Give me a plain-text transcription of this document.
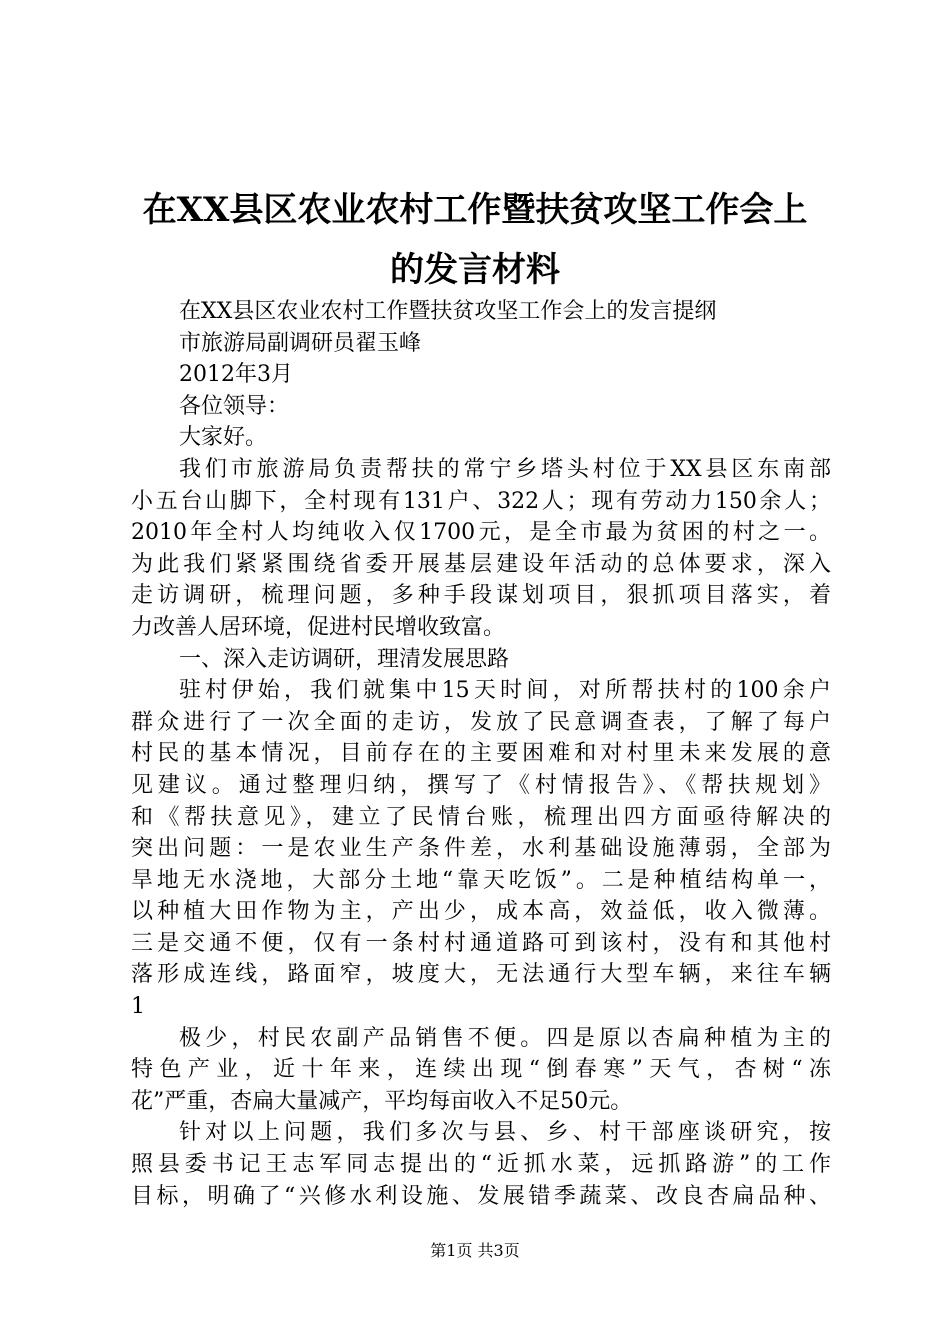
在XX县区农业农村工作暨扶贫攻坚工作会上
的发言材料
在XX县区农业农村工作暨扶贫攻坚工作会上的发言提纲
市旅游局副调研员翟玉峰
2012年3月
各位领导：
大家好。
我们市旅游局负责帮扶的常宁乡塔头村位于XX县区东南部
小五台山脚下，全村现有131户、322人；现有劳动力150余人；
2010年全村人均纯收入仅1700元，是全市最为贫困的村之一。
为此我们紧紧围绕省委开展基层建设年活动的总体要求，深入
走访调研，梳理问题，多种手段谋划项目，狠抓项目落实，着
力改善人居环境，促进村民增收致富。
一、深入走访调研，理清发展思路
驻村伊始，我们就集中15天时间，对所帮扶村的100余户
群众进行了一次全面的走访，发放了民意调查表，了解了每户
村民的基本情况，目前存在的主要困难和对村里未来发展的意
见建议。通过整理归纳，撰写了《村情报告》、《帮扶规划》
和《帮扶意见》，建立了民情台账，梳理出四方面亟待解决的
突出问题：一是农业生产条件差，水利基础设施薄弱，全部为
旱地无水浇地，大部分土地“靠天吃饭”。二是种植结构单一，
以种植大田作物为主，产出少，成本高，效益低，收入微薄。
三是交通不便，仅有一条村村通道路可到该村，没有和其他村
落形成连线，路面窄，坡度大，无法通行大型车辆，来往车辆
1
极少，村民农副产品销售不便。四是原以杏扁种植为主的
特色产业，近十年来，连续出现“倒春寒”天气，杏树“冻
花”严重，杏扁大量减产，平均每亩收入不足50元。
针对以上问题，我们多次与县、乡、村干部座谈研究，按
照县委书记王志军同志提出的“近抓水菜，远抓路游”的工作
目标，明确了“兴修水利设施、发展错季蔬菜、改良杏扁品种、
第1页 共3页
